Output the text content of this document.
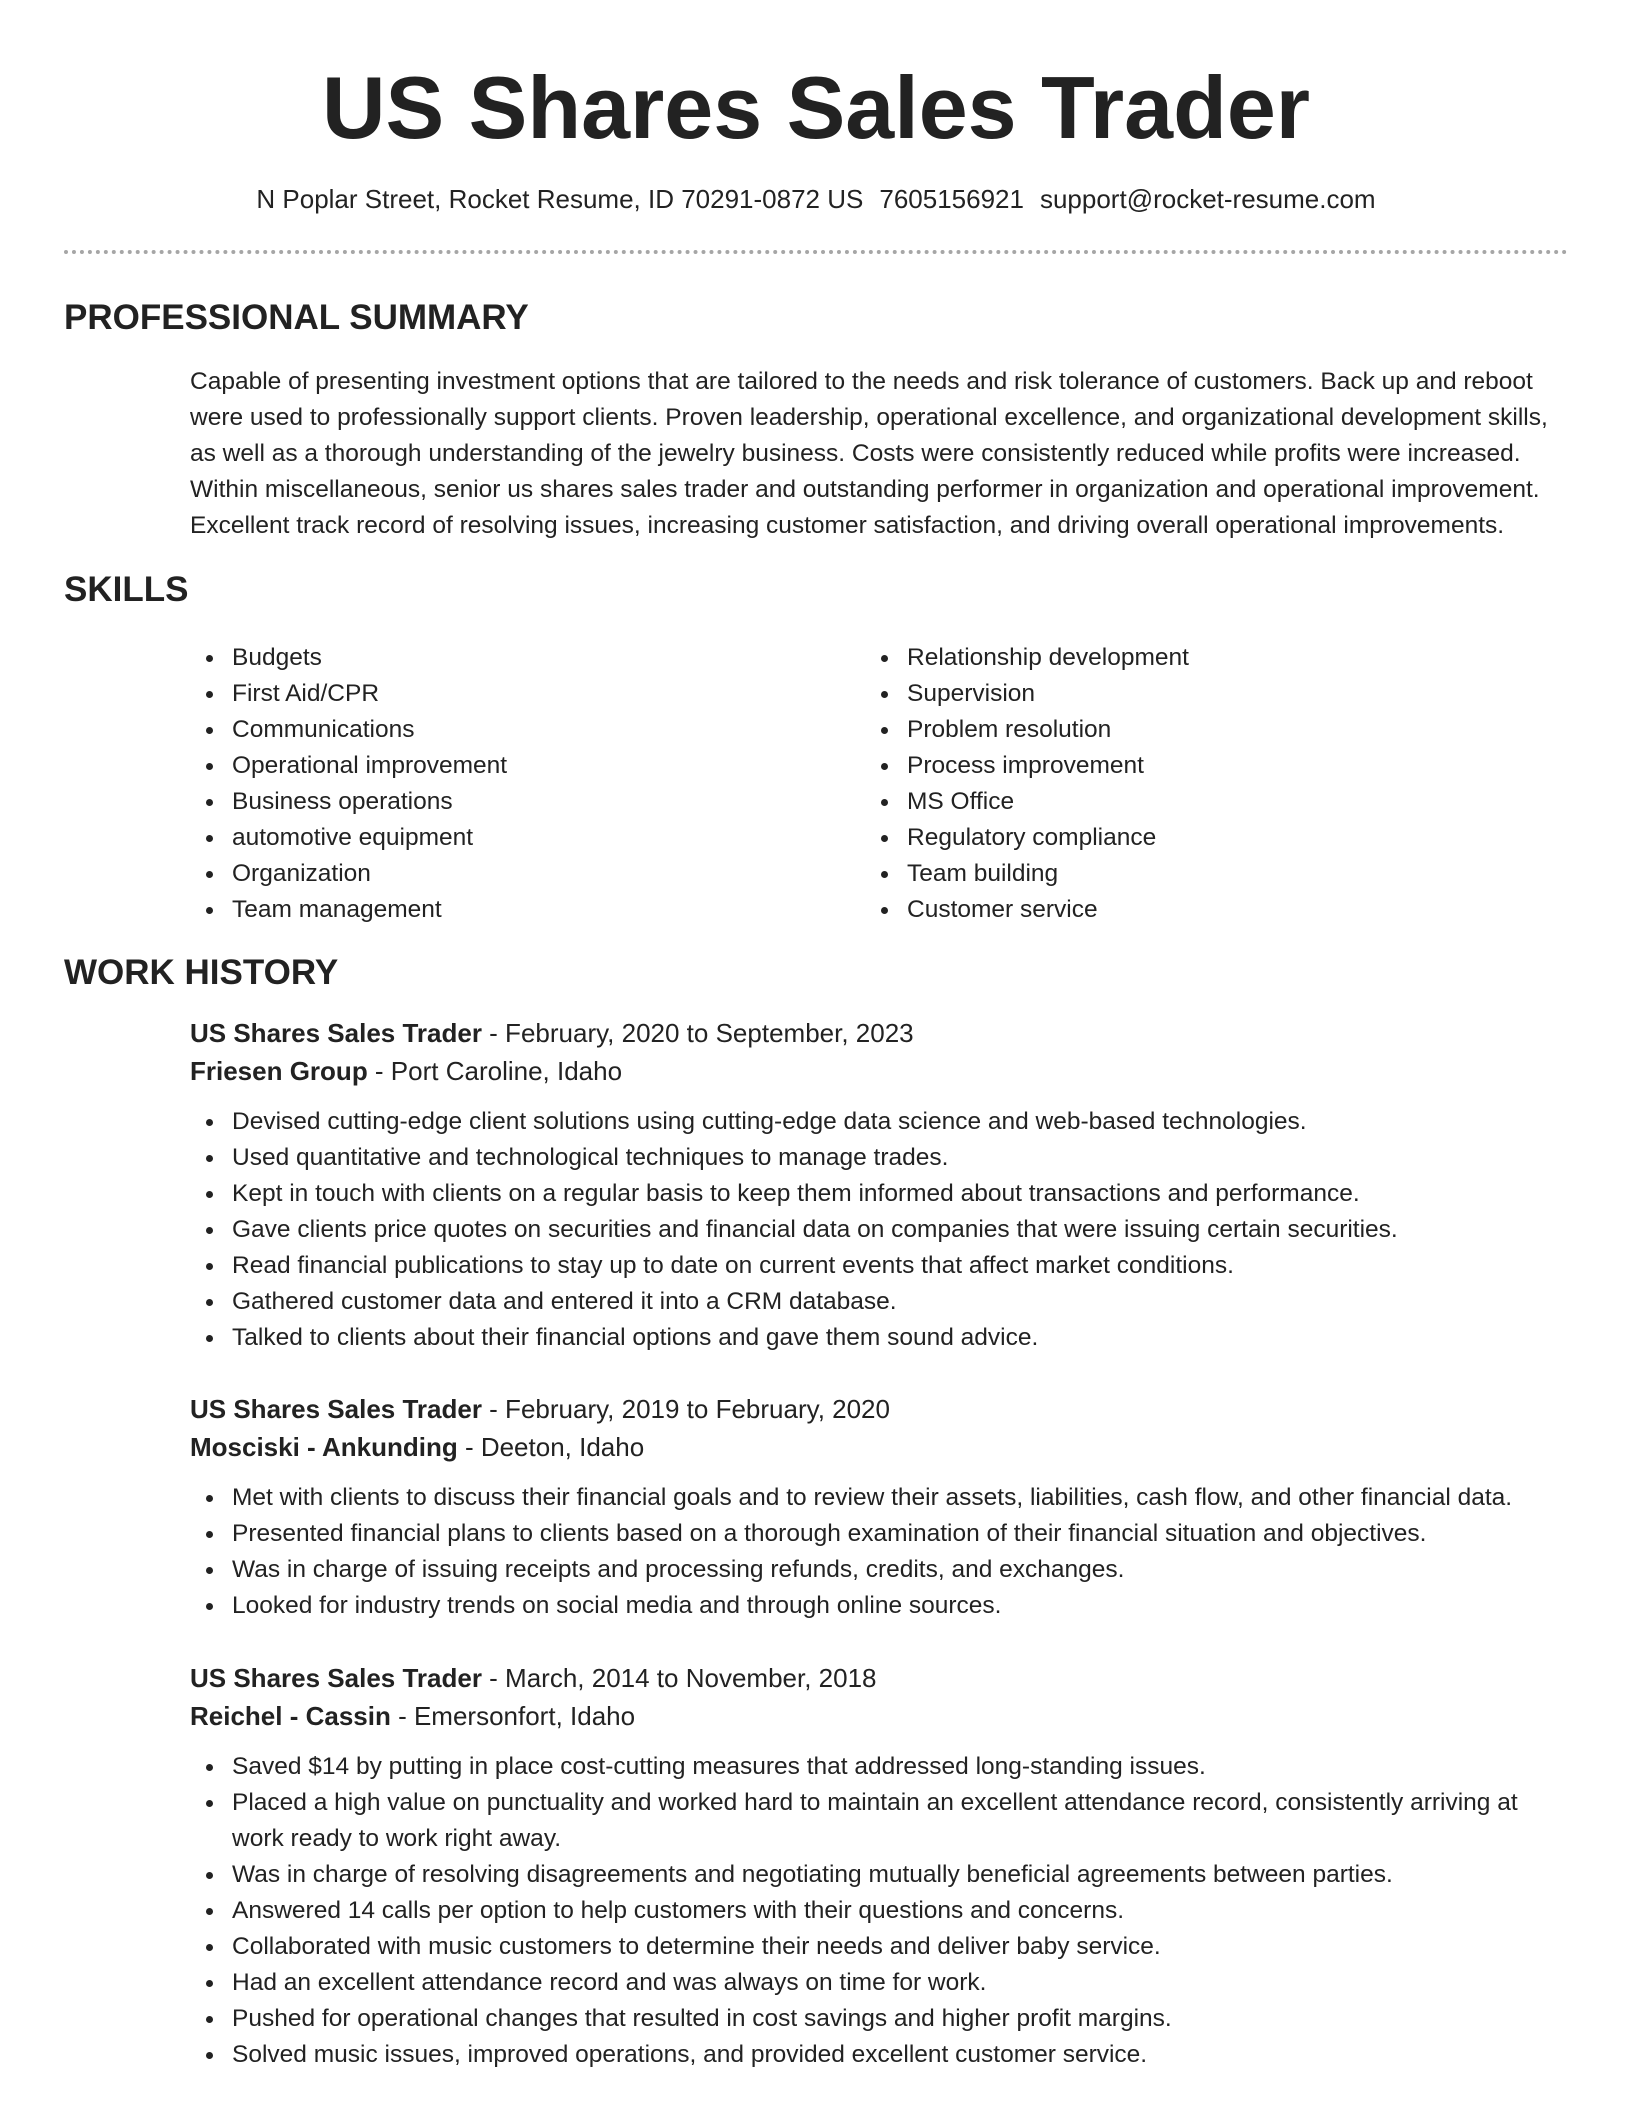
US Shares Sales Trader
N Poplar Street, Rocket Resume, ID 70291-0872 US 7605156921 support@rocket-resume.com
PROFESSIONAL SUMMARY
Capable of presenting investment options that are tailored to the needs and risk tolerance of customers. Back up and reboot were used to professionally support clients. Proven leadership, operational excellence, and organizational development skills, as well as a thorough understanding of the jewelry business. Costs were consistently reduced while profits were increased. Within miscellaneous, senior us shares sales trader and outstanding performer in organization and operational improvement. Excellent track record of resolving issues, increasing customer satisfaction, and driving overall operational improvements.
SKILLS
Budgets
First Aid/CPR
Communications
Operational improvement
Business operations
automotive equipment
Organization
Team management
Relationship development
Supervision
Problem resolution
Process improvement
MS Office
Regulatory compliance
Team building
Customer service
WORK HISTORY
US Shares Sales Trader - February, 2020 to September, 2023
Friesen Group - Port Caroline, Idaho
Devised cutting-edge client solutions using cutting-edge data science and web-based technologies.
Used quantitative and technological techniques to manage trades.
Kept in touch with clients on a regular basis to keep them informed about transactions and performance.
Gave clients price quotes on securities and financial data on companies that were issuing certain securities.
Read financial publications to stay up to date on current events that affect market conditions.
Gathered customer data and entered it into a CRM database.
Talked to clients about their financial options and gave them sound advice.
US Shares Sales Trader - February, 2019 to February, 2020
Mosciski - Ankunding - Deeton, Idaho
Met with clients to discuss their financial goals and to review their assets, liabilities, cash flow, and other financial data.
Presented financial plans to clients based on a thorough examination of their financial situation and objectives.
Was in charge of issuing receipts and processing refunds, credits, and exchanges.
Looked for industry trends on social media and through online sources.
US Shares Sales Trader - March, 2014 to November, 2018
Reichel - Cassin - Emersonfort, Idaho
Saved $14 by putting in place cost-cutting measures that addressed long-standing issues.
Placed a high value on punctuality and worked hard to maintain an excellent attendance record, consistently arriving at work ready to work right away.
Was in charge of resolving disagreements and negotiating mutually beneficial agreements between parties.
Answered 14 calls per option to help customers with their questions and concerns.
Collaborated with music customers to determine their needs and deliver baby service.
Had an excellent attendance record and was always on time for work.
Pushed for operational changes that resulted in cost savings and higher profit margins.
Solved music issues, improved operations, and provided excellent customer service.
